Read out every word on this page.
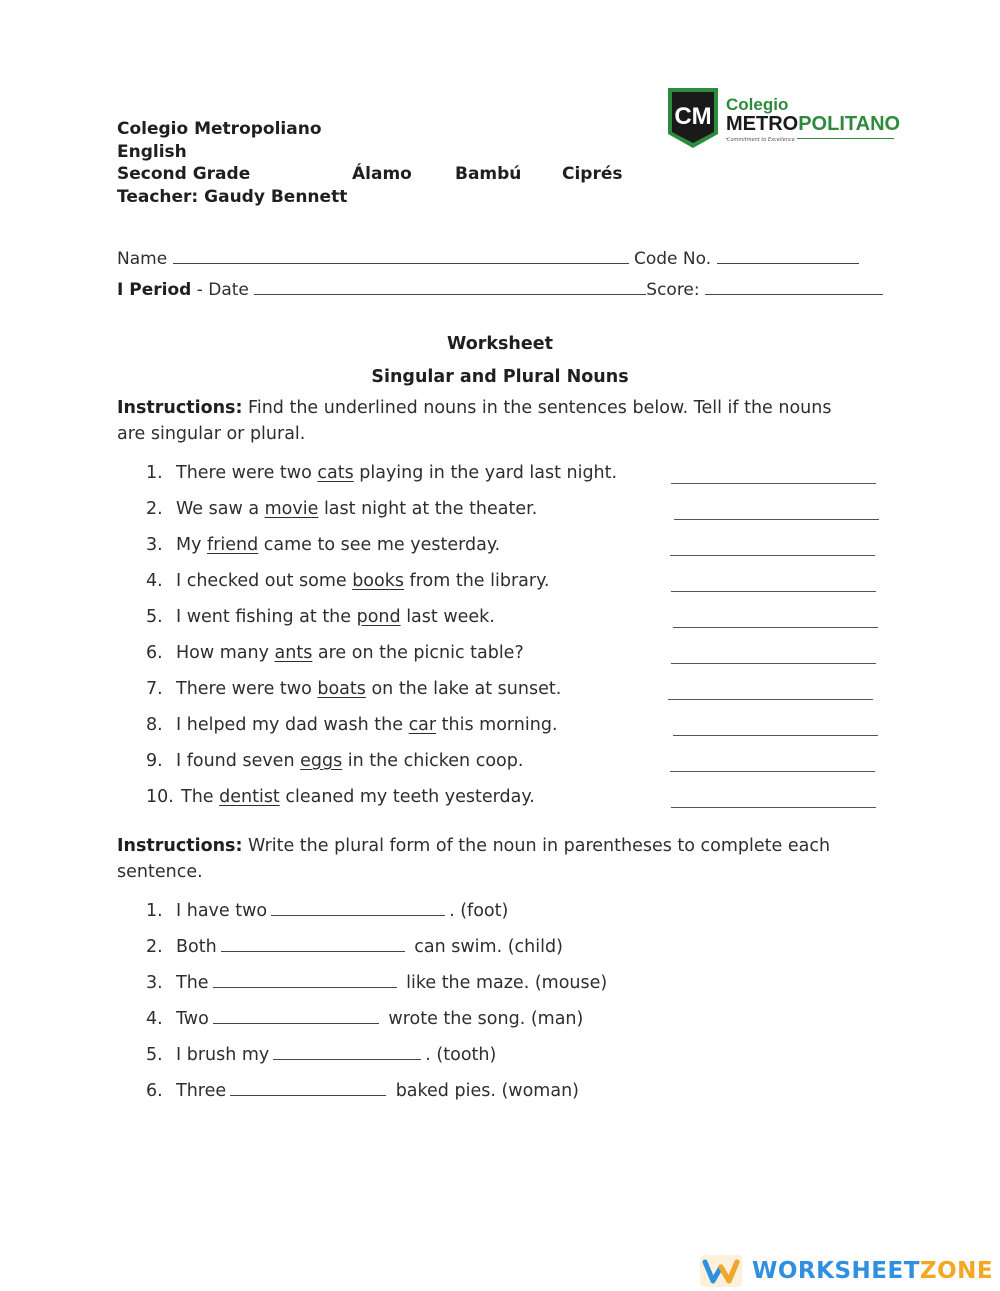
Colegio Metropoliano
English
Second Grade	Álamo	Bambú Ciprés
Teacher: Gaudy Bennett
CM Colegio
METROPOLITANO
Commitment to Excellence
Name	Code No.
I Period - Date	Score:
Worksheet
Singular and Plural Nouns
Instructions: Find the underlined nouns in the sentences below. Tell if the nouns
are singular or plural.
1. There were two cats playing in the yard last night.
2. We saw a movie last night at the theater.
3. My friend came to see me yesterday.
4. I checked out some books from the library.
5. I went fishing at the pond last week.
6. How many ants are on the picnic table?
7. There were two boats on the lake at sunset.
8. I helped my dad wash the car this morning.
9. I found seven eggs in the chicken coop.
10. The dentist cleaned my teeth yesterday.
Instructions: Write the plural form of the noun in parentheses to complete each
sentence.
1. I have two	. (foot)
2. Both	can swim. (child)
3. The	like the maze. (mouse)
4. Two	wrote the song. (man)
5. I brush my	. (tooth)
6. Three	baked pies. (woman)
WORKSHEETZONE
